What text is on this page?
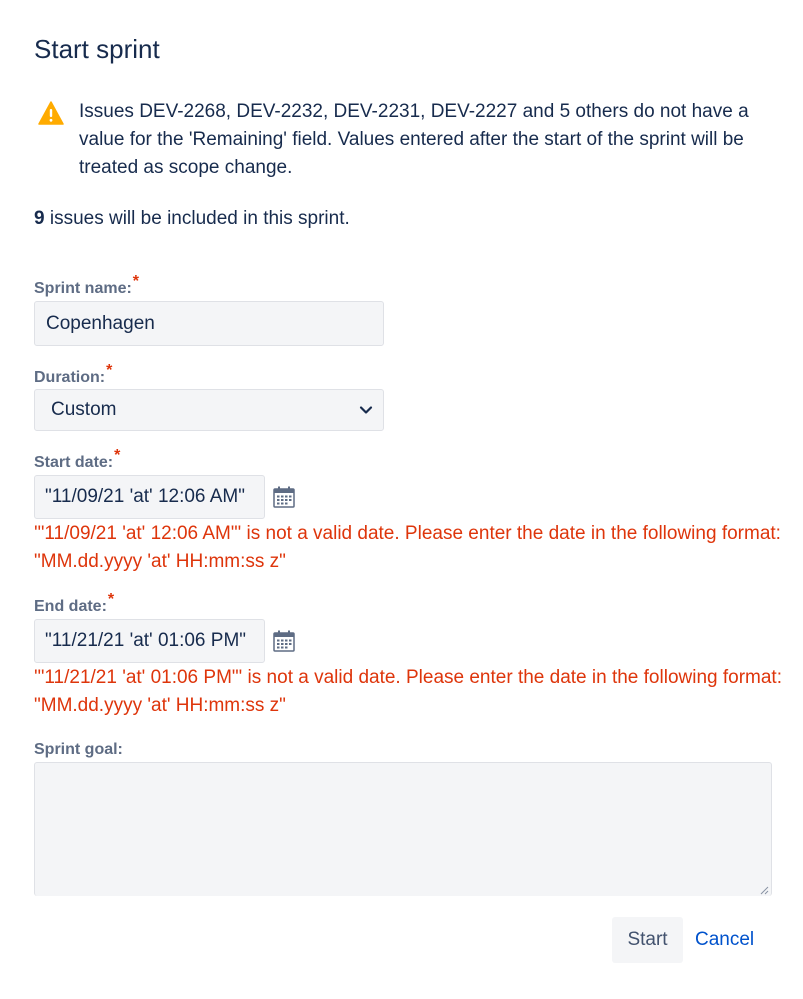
Start sprint
Issues DEV-2268, DEV-2232, DEV-2231, DEV-2227 and 5 others do not have a value for the 'Remaining' field. Values entered after the start of the sprint will be treated as scope change.
9 issues will be included in this sprint.
Sprint name:*
Copenhagen
Duration:*
Custom
Start date:*
"11/09/21 'at' 12:06 AM"
'"11/09/21 'at' 12:06 AM"' is not a valid date. Please enter the date in the following format: "MM.dd.yyyy 'at' HH:mm:ss z"
End date:*
"11/21/21 'at' 01:06 PM"
'"11/21/21 'at' 01:06 PM"' is not a valid date. Please enter the date in the following format: "MM.dd.yyyy 'at' HH:mm:ss z"
Sprint goal:
Start	Cancel
